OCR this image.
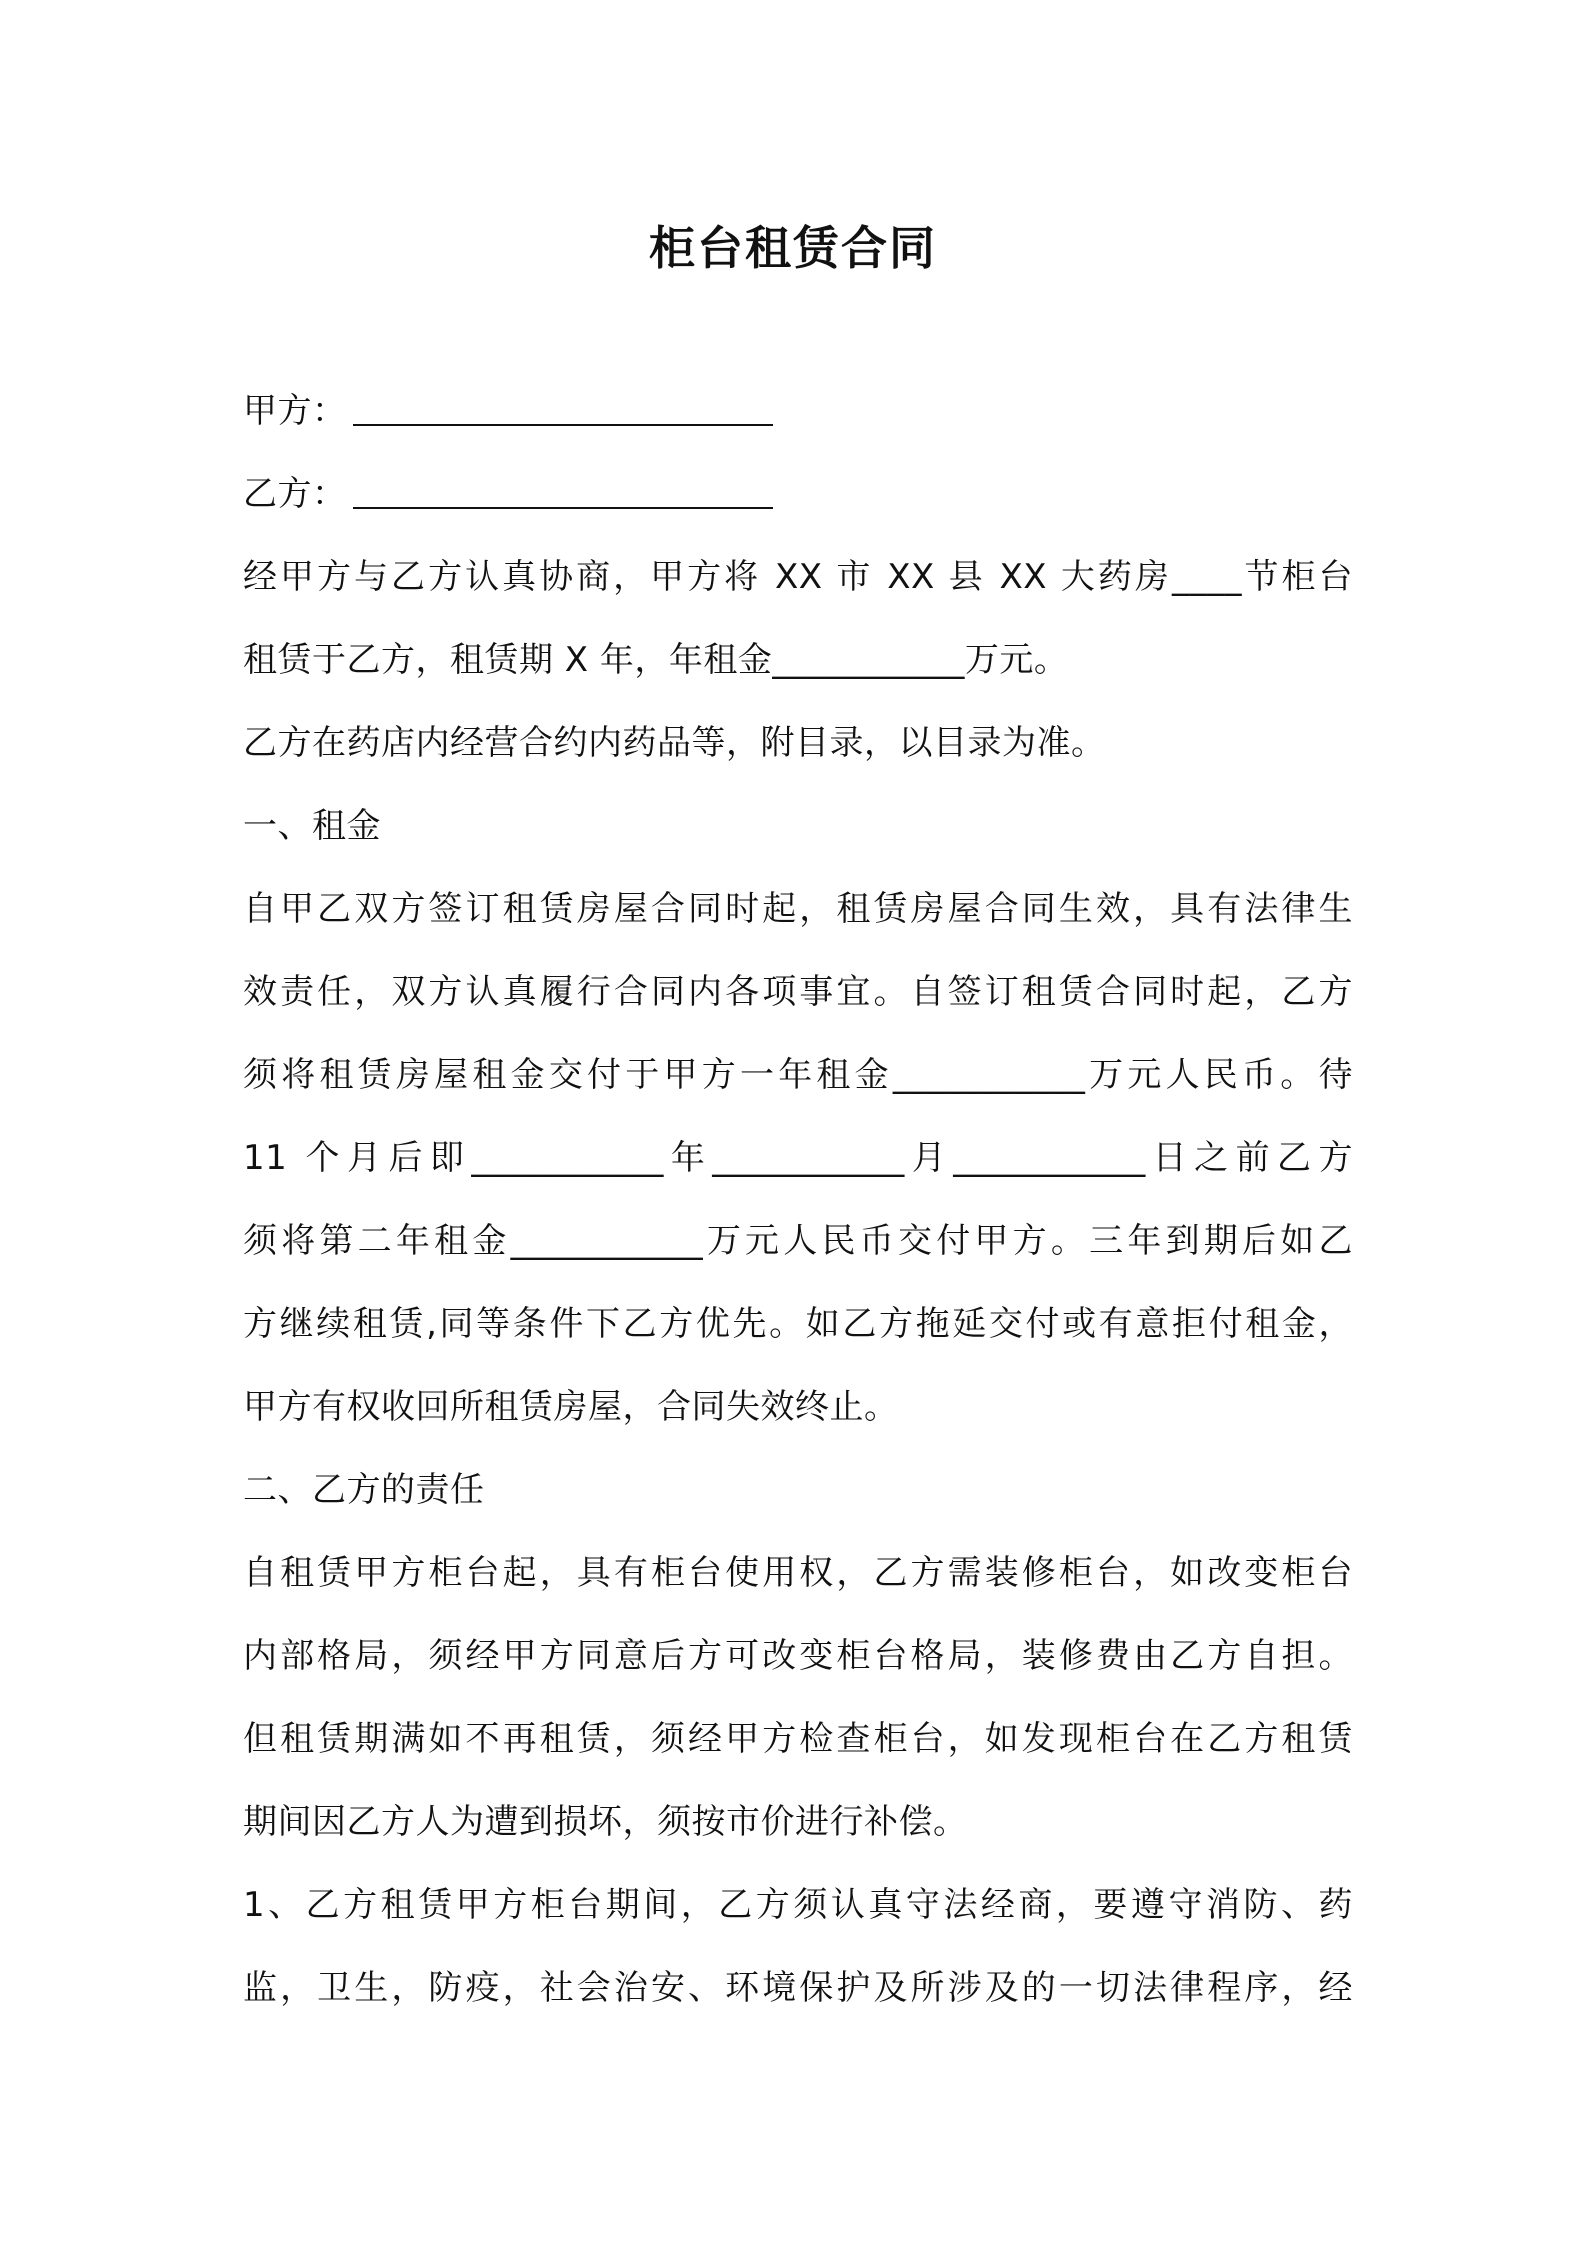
柜台租赁合同
甲方：
乙方：
经甲方与乙方认真协商，甲方将 XX 市 XX 县 XX 大药房____节柜台
租赁于乙方，租赁期 X 年，年租金___________万元。
乙方在药店内经营合约内药品等，附目录，以目录为准。
一、租金
自甲乙双方签订租赁房屋合同时起，租赁房屋合同生效，具有法律生
效责任，双方认真履行合同内各项事宜。自签订租赁合同时起，乙方
须将租赁房屋租金交付于甲方一年租金___________万元人民币。待
11 个月后即___________年___________月___________日之前乙方
须将第二年租金___________万元人民币交付甲方。三年到期后如乙
方继续租赁,同等条件下乙方优先。如乙方拖延交付或有意拒付租金，
甲方有权收回所租赁房屋，合同失效终止。
二、乙方的责任
自租赁甲方柜台起，具有柜台使用权，乙方需装修柜台，如改变柜台
内部格局，须经甲方同意后方可改变柜台格局，装修费由乙方自担。
但租赁期满如不再租赁，须经甲方检查柜台，如发现柜台在乙方租赁
期间因乙方人为遭到损坏，须按市价进行补偿。
1、乙方租赁甲方柜台期间，乙方须认真守法经商，要遵守消防、药
监，卫生，防疫，社会治安、环境保护及所涉及的一切法律程序，经
